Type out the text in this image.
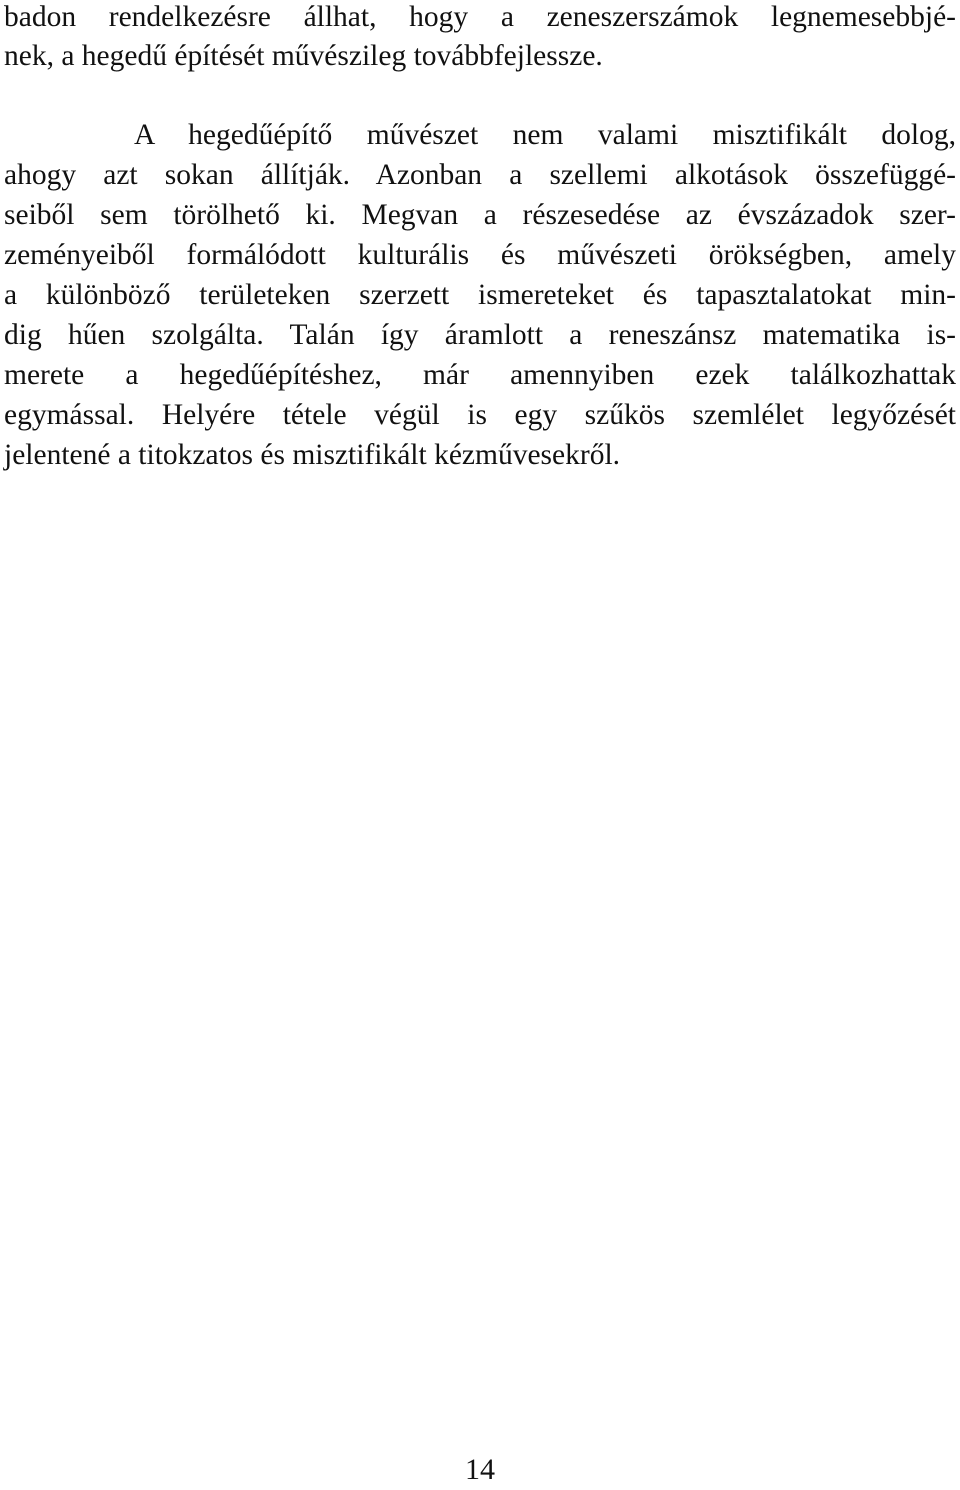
badon rendelkezésre állhat, hogy a zeneszerszámok legnemesebbjé-
nek, a hegedű építését művészileg továbbfejlessze.
A hegedűépítő művészet nem valami misztifikált dolog,
ahogy azt sokan állítják. Azonban a szellemi alkotások összefüggé-
seiből sem törölhető ki. Megvan a részesedése az évszázadok szer-
zeményeiből formálódott kulturális és művészeti örökségben, amely
a különböző területeken szerzett ismereteket és tapasztalatokat min-
dig hűen szolgálta. Talán így áramlott a reneszánsz matematika is-
merete a hegedűépítéshez, már amennyiben ezek találkozhattak
egymással. Helyére tétele végül is egy szűkös szemlélet legyőzését
jelentené a titokzatos és misztifikált kézművesekről.
14
